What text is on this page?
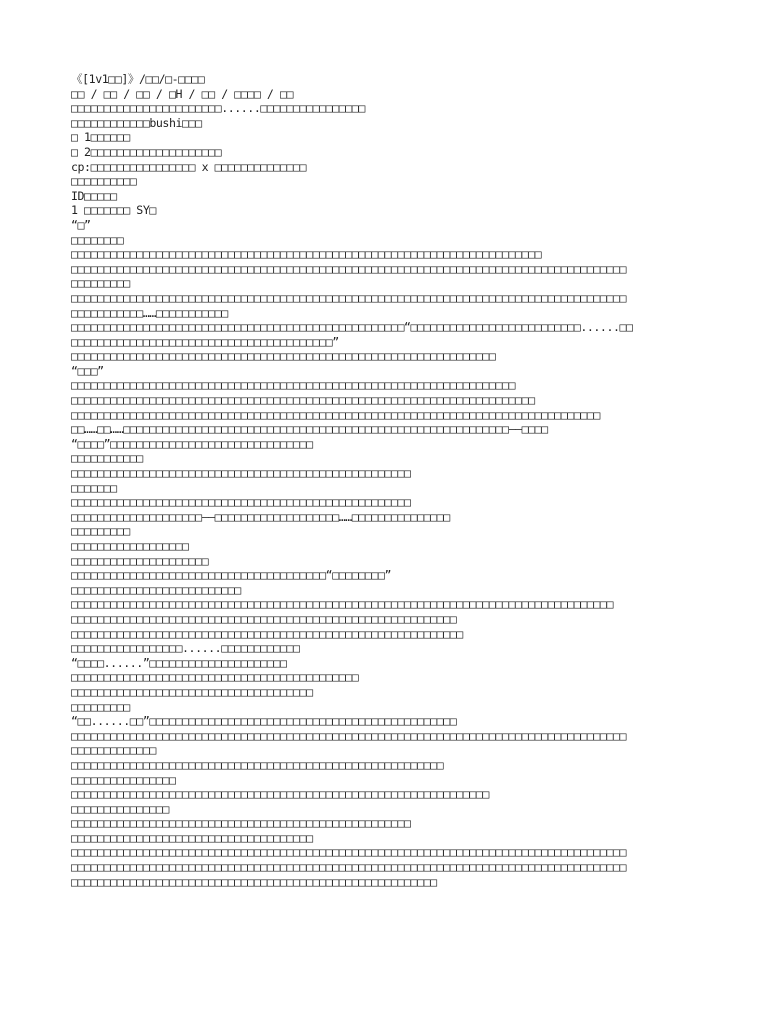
《[1v1□□]》/□□/□-□□□□
□□ / □□ / □□ / □H / □□ / □□□□ / □□
□□□□□□□□□□□□□□□□□□□□□□□......□□□□□□□□□□□□□□□□
□□□□□□□□□□□□bushi□□□
□ 1□□□□□□
□ 2□□□□□□□□□□□□□□□□□□□□
cp:□□□□□□□□□□□□□□□□ x □□□□□□□□□□□□□□
□□□□□□□□□□
ID□□□□□
1 □□□□□□□ SY□
“□”
□□□□□□□□
□□□□□□□□□□□□□□□□□□□□□□□□□□□□□□□□□□□□□□□□□□□□□□□□□□□□□□□□□□□□□□□□□□□□□□□□
□□□□□□□□□□□□□□□□□□□□□□□□□□□□□□□□□□□□□□□□□□□□□□□□□□□□□□□□□□□□□□□□□□□□□□□□□□□□□□□□□□□□□
□□□□□□□□□
□□□□□□□□□□□□□□□□□□□□□□□□□□□□□□□□□□□□□□□□□□□□□□□□□□□□□□□□□□□□□□□□□□□□□□□□□□□□□□□□□□□□□
□□□□□□□□□□□……□□□□□□□□□□□
□□□□□□□□□□□□□□□□□□□□□□□□□□□□□□□□□□□□□□□□□□□□□□□□□□□“□□□□□□□□□□□□□□□□□□□□□□□□□□......□□
□□□□□□□□□□□□□□□□□□□□□□□□□□□□□□□□□□□□□□□□”
□□□□□□□□□□□□□□□□□□□□□□□□□□□□□□□□□□□□□□□□□□□□□□□□□□□□□□□□□□□□□□□□□
“□□□”
□□□□□□□□□□□□□□□□□□□□□□□□□□□□□□□□□□□□□□□□□□□□□□□□□□□□□□□□□□□□□□□□□□□□
□□□□□□□□□□□□□□□□□□□□□□□□□□□□□□□□□□□□□□□□□□□□□□□□□□□□□□□□□□□□□□□□□□□□□□□
□□□□□□□□□□□□□□□□□□□□□□□□□□□□□□□□□□□□□□□□□□□□□□□□□□□□□□□□□□□□□□□□□□□□□□□□□□□□□□□□□
□□……□□……□□□□□□□□□□□□□□□□□□□□□□□□□□□□□□□□□□□□□□□□□□□□□□□□□□□□□□□□□□□——□□□□
“□□□□”□□□□□□□□□□□□□□□□□□□□□□□□□□□□□□□
□□□□□□□□□□□
□□□□□□□□□□□□□□□□□□□□□□□□□□□□□□□□□□□□□□□□□□□□□□□□□□□□
□□□□□□□
□□□□□□□□□□□□□□□□□□□□□□□□□□□□□□□□□□□□□□□□□□□□□□□□□□□□
□□□□□□□□□□□□□□□□□□□□——□□□□□□□□□□□□□□□□□□□……□□□□□□□□□□□□□□□
□□□□□□□□□
□□□□□□□□□□□□□□□□□□
□□□□□□□□□□□□□□□□□□□□□
□□□□□□□□□□□□□□□□□□□□□□□□□□□□□□□□□□□□□□□“□□□□□□□□”
□□□□□□□□□□□□□□□□□□□□□□□□□□
□□□□□□□□□□□□□□□□□□□□□□□□□□□□□□□□□□□□□□□□□□□□□□□□□□□□□□□□□□□□□□□□□□□□□□□□□□□□□□□□□□□
□□□□□□□□□□□□□□□□□□□□□□□□□□□□□□□□□□□□□□□□□□□□□□□□□□□□□□□□□□□
□□□□□□□□□□□□□□□□□□□□□□□□□□□□□□□□□□□□□□□□□□□□□□□□□□□□□□□□□□□□
□□□□□□□□□□□□□□□□□......□□□□□□□□□□□□
“□□□□......”□□□□□□□□□□□□□□□□□□□□□
□□□□□□□□□□□□□□□□□□□□□□□□□□□□□□□□□□□□□□□□□□□□
□□□□□□□□□□□□□□□□□□□□□□□□□□□□□□□□□□□□□
□□□□□□□□□
“□□......□□”□□□□□□□□□□□□□□□□□□□□□□□□□□□□□□□□□□□□□□□□□□□□□□□
□□□□□□□□□□□□□□□□□□□□□□□□□□□□□□□□□□□□□□□□□□□□□□□□□□□□□□□□□□□□□□□□□□□□□□□□□□□□□□□□□□□□□
□□□□□□□□□□□□□
□□□□□□□□□□□□□□□□□□□□□□□□□□□□□□□□□□□□□□□□□□□□□□□□□□□□□□□□□
□□□□□□□□□□□□□□□□
□□□□□□□□□□□□□□□□□□□□□□□□□□□□□□□□□□□□□□□□□□□□□□□□□□□□□□□□□□□□□□□□
□□□□□□□□□□□□□□□
□□□□□□□□□□□□□□□□□□□□□□□□□□□□□□□□□□□□□□□□□□□□□□□□□□□□
□□□□□□□□□□□□□□□□□□□□□□□□□□□□□□□□□□□□□
□□□□□□□□□□□□□□□□□□□□□□□□□□□□□□□□□□□□□□□□□□□□□□□□□□□□□□□□□□□□□□□□□□□□□□□□□□□□□□□□□□□□□
□□□□□□□□□□□□□□□□□□□□□□□□□□□□□□□□□□□□□□□□□□□□□□□□□□□□□□□□□□□□□□□□□□□□□□□□□□□□□□□□□□□□□
□□□□□□□□□□□□□□□□□□□□□□□□□□□□□□□□□□□□□□□□□□□□□□□□□□□□□□□□
